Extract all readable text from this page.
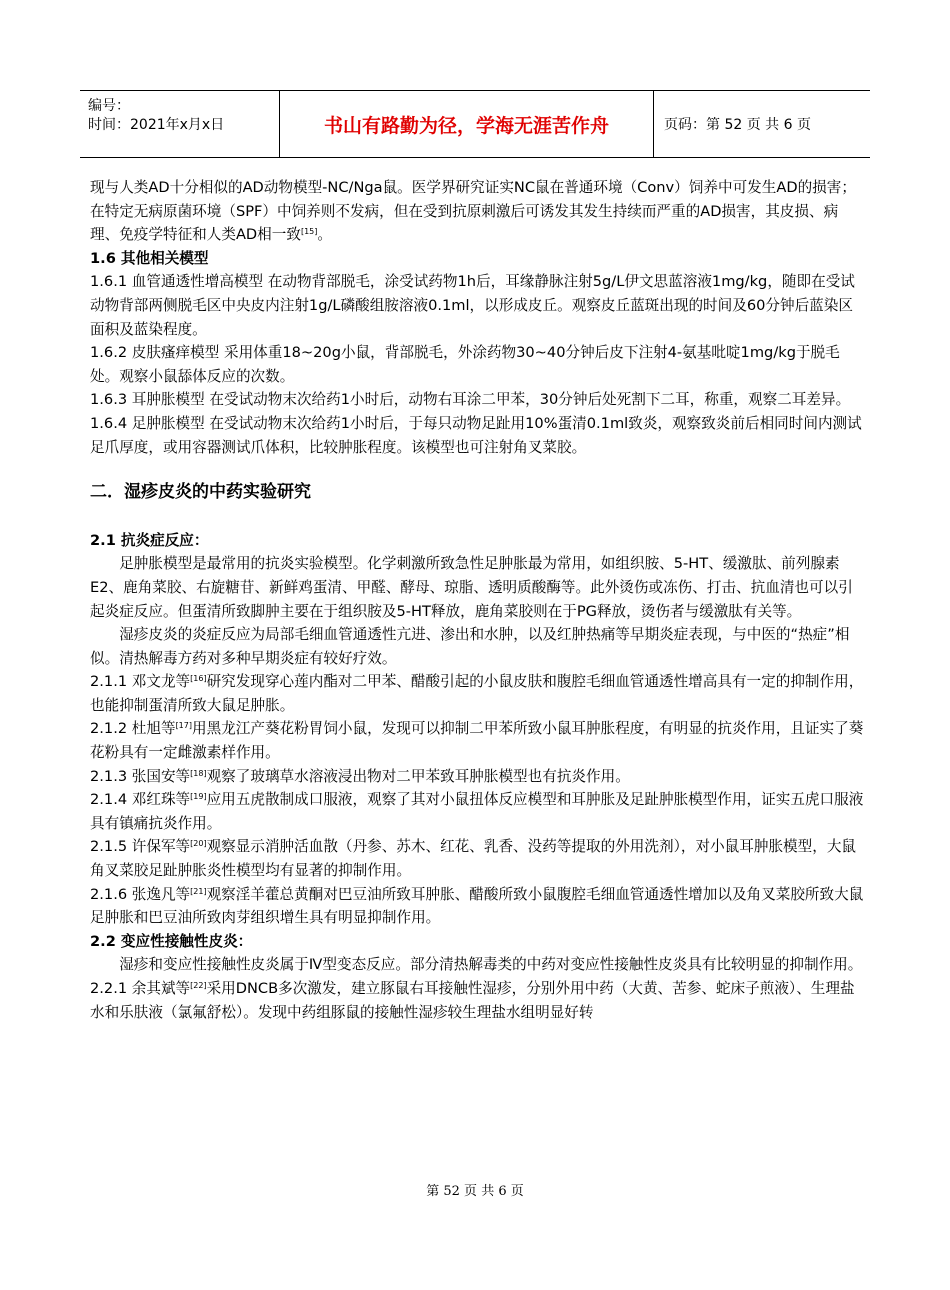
编号：
时间：2021年x月x日	书山有路勤为径，学海无涯苦作舟	页码：第 52 页 共 6 页

现与人类AD十分相似的AD动物模型-NC/Nga鼠。医学界研究证实NC鼠在普通环境（Conv）饲养中可发生AD的损害；在特定无病原菌环境（SPF）中饲养则不发病，但在受到抗原刺激后可诱发其发生持续而严重的AD损害，其皮损、病理、免疫学特征和人类AD相一致[15]。

1.6 其他相关模型

1.6.1 血管通透性增高模型 在动物背部脱毛，涂受试药物1h后，耳缘静脉注射5g/L伊文思蓝溶液1mg/kg，随即在受试动物背部两侧脱毛区中央皮内注射1g/L磷酸组胺溶液0.1ml，以形成皮丘。观察皮丘蓝斑出现的时间及60分钟后蓝染区面积及蓝染程度。

1.6.2 皮肤瘙痒模型 采用体重18~20g小鼠，背部脱毛，外涂药物30~40分钟后皮下注射4-氨基吡啶1mg/kg于脱毛处。观察小鼠舔体反应的次数。

1.6.3 耳肿胀模型 在受试动物末次给药1小时后，动物右耳涂二甲苯，30分钟后处死割下二耳，称重，观察二耳差异。

1.6.4 足肿胀模型 在受试动物末次给药1小时后，于每只动物足趾用10%蛋清0.1ml致炎，观察致炎前后相同时间内测试足爪厚度，或用容器测试爪体积，比较肿胀程度。该模型也可注射角叉菜胶。

二．湿疹皮炎的中药实验研究

2.1 抗炎症反应：

足肿胀模型是最常用的抗炎实验模型。化学刺激所致急性足肿胀最为常用，如组织胺、5-HT、缓激肽、前列腺素E2、鹿角菜胶、右旋糖苷、新鲜鸡蛋清、甲醛、酵母、琼脂、透明质酸酶等。此外烫伤或冻伤、打击、抗血清也可以引起炎症反应。但蛋清所致脚肿主要在于组织胺及5-HT释放，鹿角菜胶则在于PG释放，烫伤者与缓激肽有关等。

湿疹皮炎的炎症反应为局部毛细血管通透性亢进、渗出和水肿，以及红肿热痛等早期炎症表现，与中医的“热症”相似。清热解毒方药对多种早期炎症有较好疗效。

2.1.1 邓文龙等[16]研究发现穿心莲内酯对二甲苯、醋酸引起的小鼠皮肤和腹腔毛细血管通透性增高具有一定的抑制作用，也能抑制蛋清所致大鼠足肿胀。

2.1.2 杜旭等[17]用黑龙江产葵花粉胃饲小鼠，发现可以抑制二甲苯所致小鼠耳肿胀程度，有明显的抗炎作用，且证实了葵花粉具有一定雌激素样作用。

2.1.3 张国安等[18]观察了玻璃草水溶液浸出物对二甲苯致耳肿胀模型也有抗炎作用。

2.1.4 邓红珠等[19]应用五虎散制成口服液，观察了其对小鼠扭体反应模型和耳肿胀及足趾肿胀模型作用，证实五虎口服液具有镇痛抗炎作用。

2.1.5 许保军等[20]观察显示消肿活血散（丹参、苏木、红花、乳香、没药等提取的外用洗剂），对小鼠耳肿胀模型，大鼠角叉菜胶足趾肿胀炎性模型均有显著的抑制作用。

2.1.6 张逸凡等[21]观察淫羊藿总黄酮对巴豆油所致耳肿胀、醋酸所致小鼠腹腔毛细血管通透性增加以及角叉菜胶所致大鼠足肿胀和巴豆油所致肉芽组织增生具有明显抑制作用。

2.2 变应性接触性皮炎：

湿疹和变应性接触性皮炎属于Ⅳ型变态反应。部分清热解毒类的中药对变应性接触性皮炎具有比较明显的抑制作用。

2.2.1 余其斌等[22]采用DNCB多次激发，建立豚鼠右耳接触性湿疹，分别外用中药（大黄、苦参、蛇床子煎液）、生理盐水和乐肤液（氯氟舒松）。发现中药组豚鼠的接触性湿疹较生理盐水组明显好转

第 52 页 共 6 页
